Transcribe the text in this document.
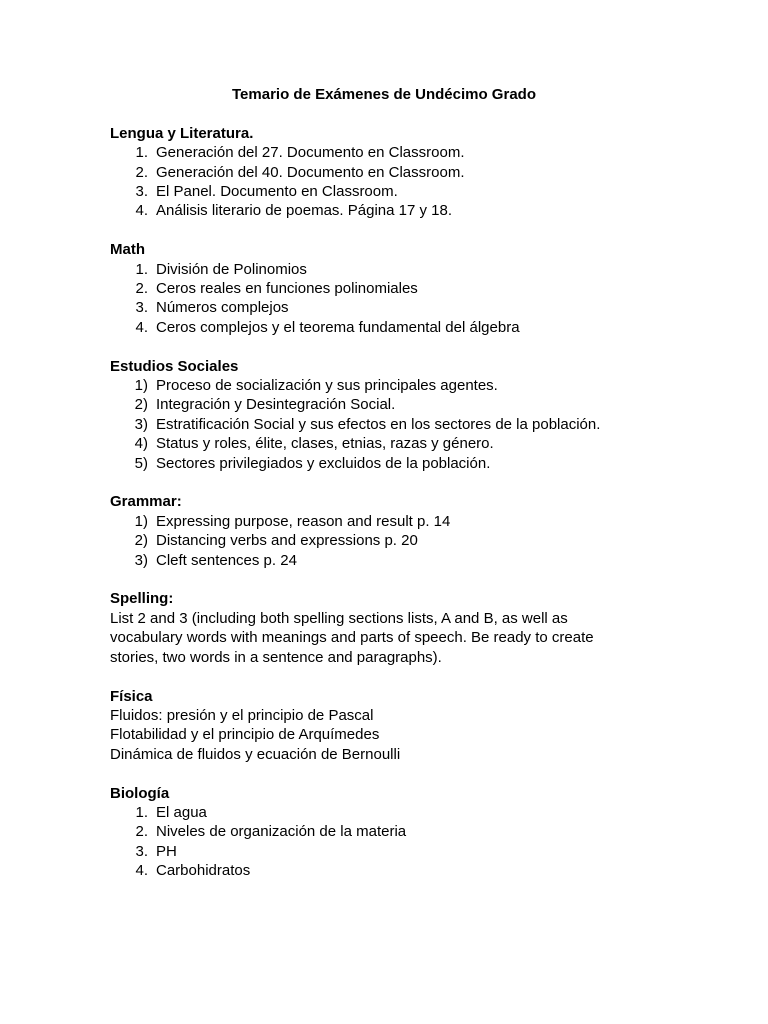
Temario de Exámenes de Undécimo Grado
Lengua y Literatura.
1. Generación del 27. Documento en Classroom.
2. Generación del 40. Documento en Classroom.
3. El Panel. Documento en Classroom.
4. Análisis literario de poemas. Página 17 y 18.
Math
1. División de Polinomios
2. Ceros reales en funciones polinomiales
3. Números complejos
4. Ceros complejos y el teorema fundamental del álgebra
Estudios Sociales
1) Proceso de socialización y sus principales agentes.
2) Integración y Desintegración Social.
3) Estratificación Social y sus efectos en los sectores de la población.
4) Status y roles, élite, clases, etnias, razas y género.
5) Sectores privilegiados y excluidos de la población.
Grammar:
1) Expressing purpose, reason and result p. 14
2) Distancing verbs and expressions p. 20
3) Cleft sentences p. 24
Spelling:
List 2 and 3 (including both spelling sections lists, A and B, as well as
vocabulary words with meanings and parts of speech. Be ready to create
stories, two words in a sentence and paragraphs).
Física
Fluidos: presión y el principio de Pascal
Flotabilidad y el principio de Arquímedes
Dinámica de fluidos y ecuación de Bernoulli
Biología
1. El agua
2. Niveles de organización de la materia
3. PH
4. Carbohidratos
